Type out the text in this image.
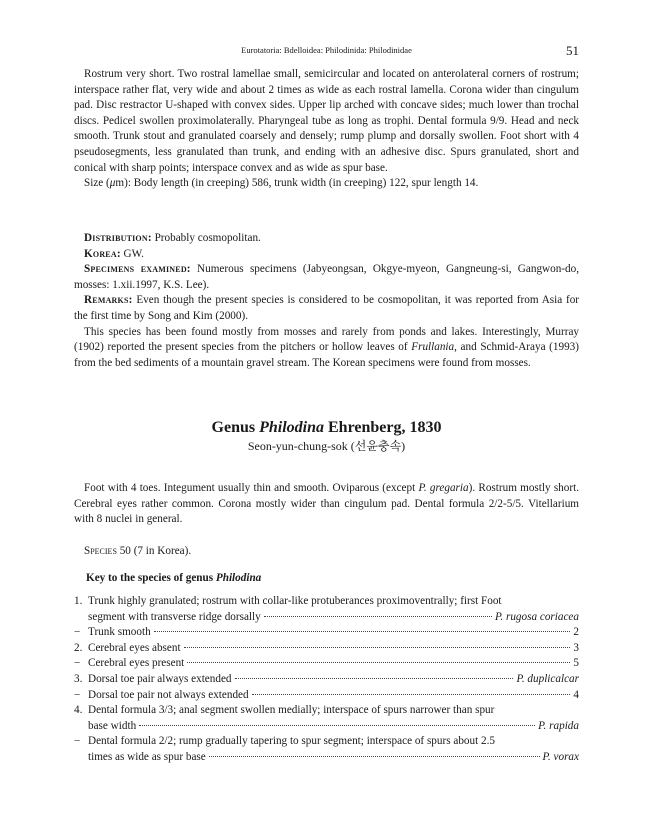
Eurotatoria: Bdelloidea: Philodinida: Philodinidae	51

Rostrum very short. Two rostral lamellae small, semicircular and located on anterolateral corners of rostrum; interspace rather flat, very wide and about 2 times as wide as each rostral lamella. Corona wider than cingulum pad. Disc restractor U-shaped with convex sides. Upper lip arched with concave sides; much lower than trochal discs. Pedicel swollen proximolaterally. Pharyngeal tube as long as trophi. Dental formula 9/9. Head and neck smooth. Trunk stout and granulated coarsely and densely; rump plump and dorsally swollen. Foot short with 4 pseudosegments, less granulated than trunk, and ending with an adhesive disc. Spurs granulated, short and conical with sharp points; interspace convex and as wide as spur base.

Size (μm): Body length (in creeping) 586, trunk width (in creeping) 122, spur length 14.

Distribution: Probably cosmopolitan.

Korea: GW.

Specimens examined: Numerous specimens (Jabyeongsan, Okgye-myeon, Gangneung-si, Gangwon-do, mosses: 1.xii.1997, K.S. Lee).

Remarks: Even though the present species is considered to be cosmopolitan, it was reported from Asia for the first time by Song and Kim (2000).

This species has been found mostly from mosses and rarely from ponds and lakes. Interestingly, Murray (1902) reported the present species from the pitchers or hollow leaves of Frullania, and Schmid-Araya (1993) from the bed sediments of a mountain gravel stream. The Korean specimens were found from mosses.

Genus Philodina Ehrenberg, 1830
Seon-yun-chung-sok (선윤충속)

Foot with 4 toes. Integument usually thin and smooth. Oviparous (except P. gregaria). Rostrum mostly short. Cerebral eyes rather common. Corona mostly wider than cingulum pad. Dental formula 2/2-5/5. Vitellarium with 8 nuclei in general.

Species 50 (7 in Korea).

Key to the species of genus Philodina
1. Trunk highly granulated; rostrum with collar-like protuberances proximoventrally; first Foot
segment with transverse ridge dorsally	P. rugosa coriacea
− Trunk smooth	2
2. Cerebral eyes absent	3
− Cerebral eyes present	5
3. Dorsal toe pair always extended	P. duplicalcar
− Dorsal toe pair not always extended	4
4. Dental formula 3/3; anal segment swollen medially; interspace of spurs narrower than spur
base width	P. rapida
− Dental formula 2/2; rump gradually tapering to spur segment; interspace of spurs about 2.5
times as wide as spur base	P. vorax
